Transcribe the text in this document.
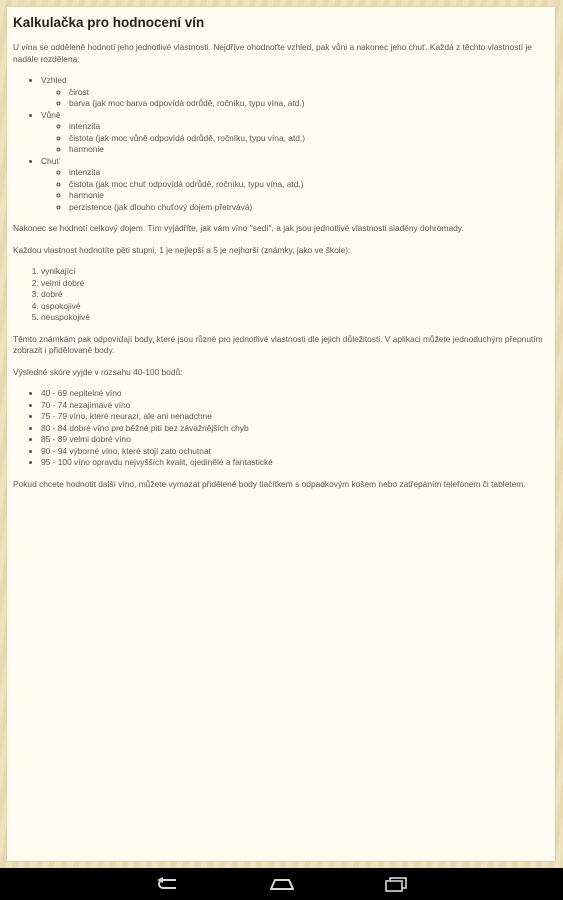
Kalkulačka pro hodnocení vín

U vína se odděleně hodnotí jeho jednotlivé vlastnosti. Nejdříve ohodnoťte vzhled, pak vůni a nakonec jeho chuť. Každá z těchto vlastností je nadále rozdělena:

• Vzhled
◦ čirost
◦ barva (jak moc barva odpovídá odrůdě, ročníku, typu vína, atd.)
• Vůně
◦ intenzita
◦ čistota (jak moc vůně odpovídá odrůdě, ročníku, typu vína, atd.)
◦ harmonie
• Chuť
◦ intenzita
◦ čistota (jak moc chuť odpovídá odrůdě, ročníku, typu vína, atd.)
◦ harmonie
◦ perzistence (jak dlouho chuťový dojem přetrvává)

Nakonec se hodnotí celkový dojem. Tím vyjádříte, jak vám víno "sedí", a jak jsou jednotlivé vlastnosti sladěny dohromady.

Každou vlastnost hodnotíte pěti stupni, 1 je nejlepší a 5 je nejhorší (známky, jako ve škole):

1. vynikající
2. velmi dobré
3. dobré
4. uspokojivé
5. neuspokojivé

Těmto známkám pak odpovídají body, které jsou různé pro jednotlivé vlastnosti dle jejich důležitosti. V aplikaci můžete jednoduchým přepnutím zobrazit i přidělované body.

Výsledné skóre vyjde v rozsahu 40-100 bodů:

• 40 - 69 nepitelné víno
• 70 - 74 nezajímavé víno
• 75 - 79 víno, které neurazí, ale ani nenadchne
• 80 - 84 dobré víno pro běžné pití bez závažnějších chyb
• 85 - 89 velmi dobré víno
• 90 - 94 výborné víno, které stojí zato ochutnat
• 95 - 100 víno opravdu nejvyšších kvalit, ojedinělé a fantastické

Pokud chcete hodnotit další víno, můžete vymazat přidělené body tlačítkem s odpadkovým košem nebo zatřepáním telefonem či tabletem.
